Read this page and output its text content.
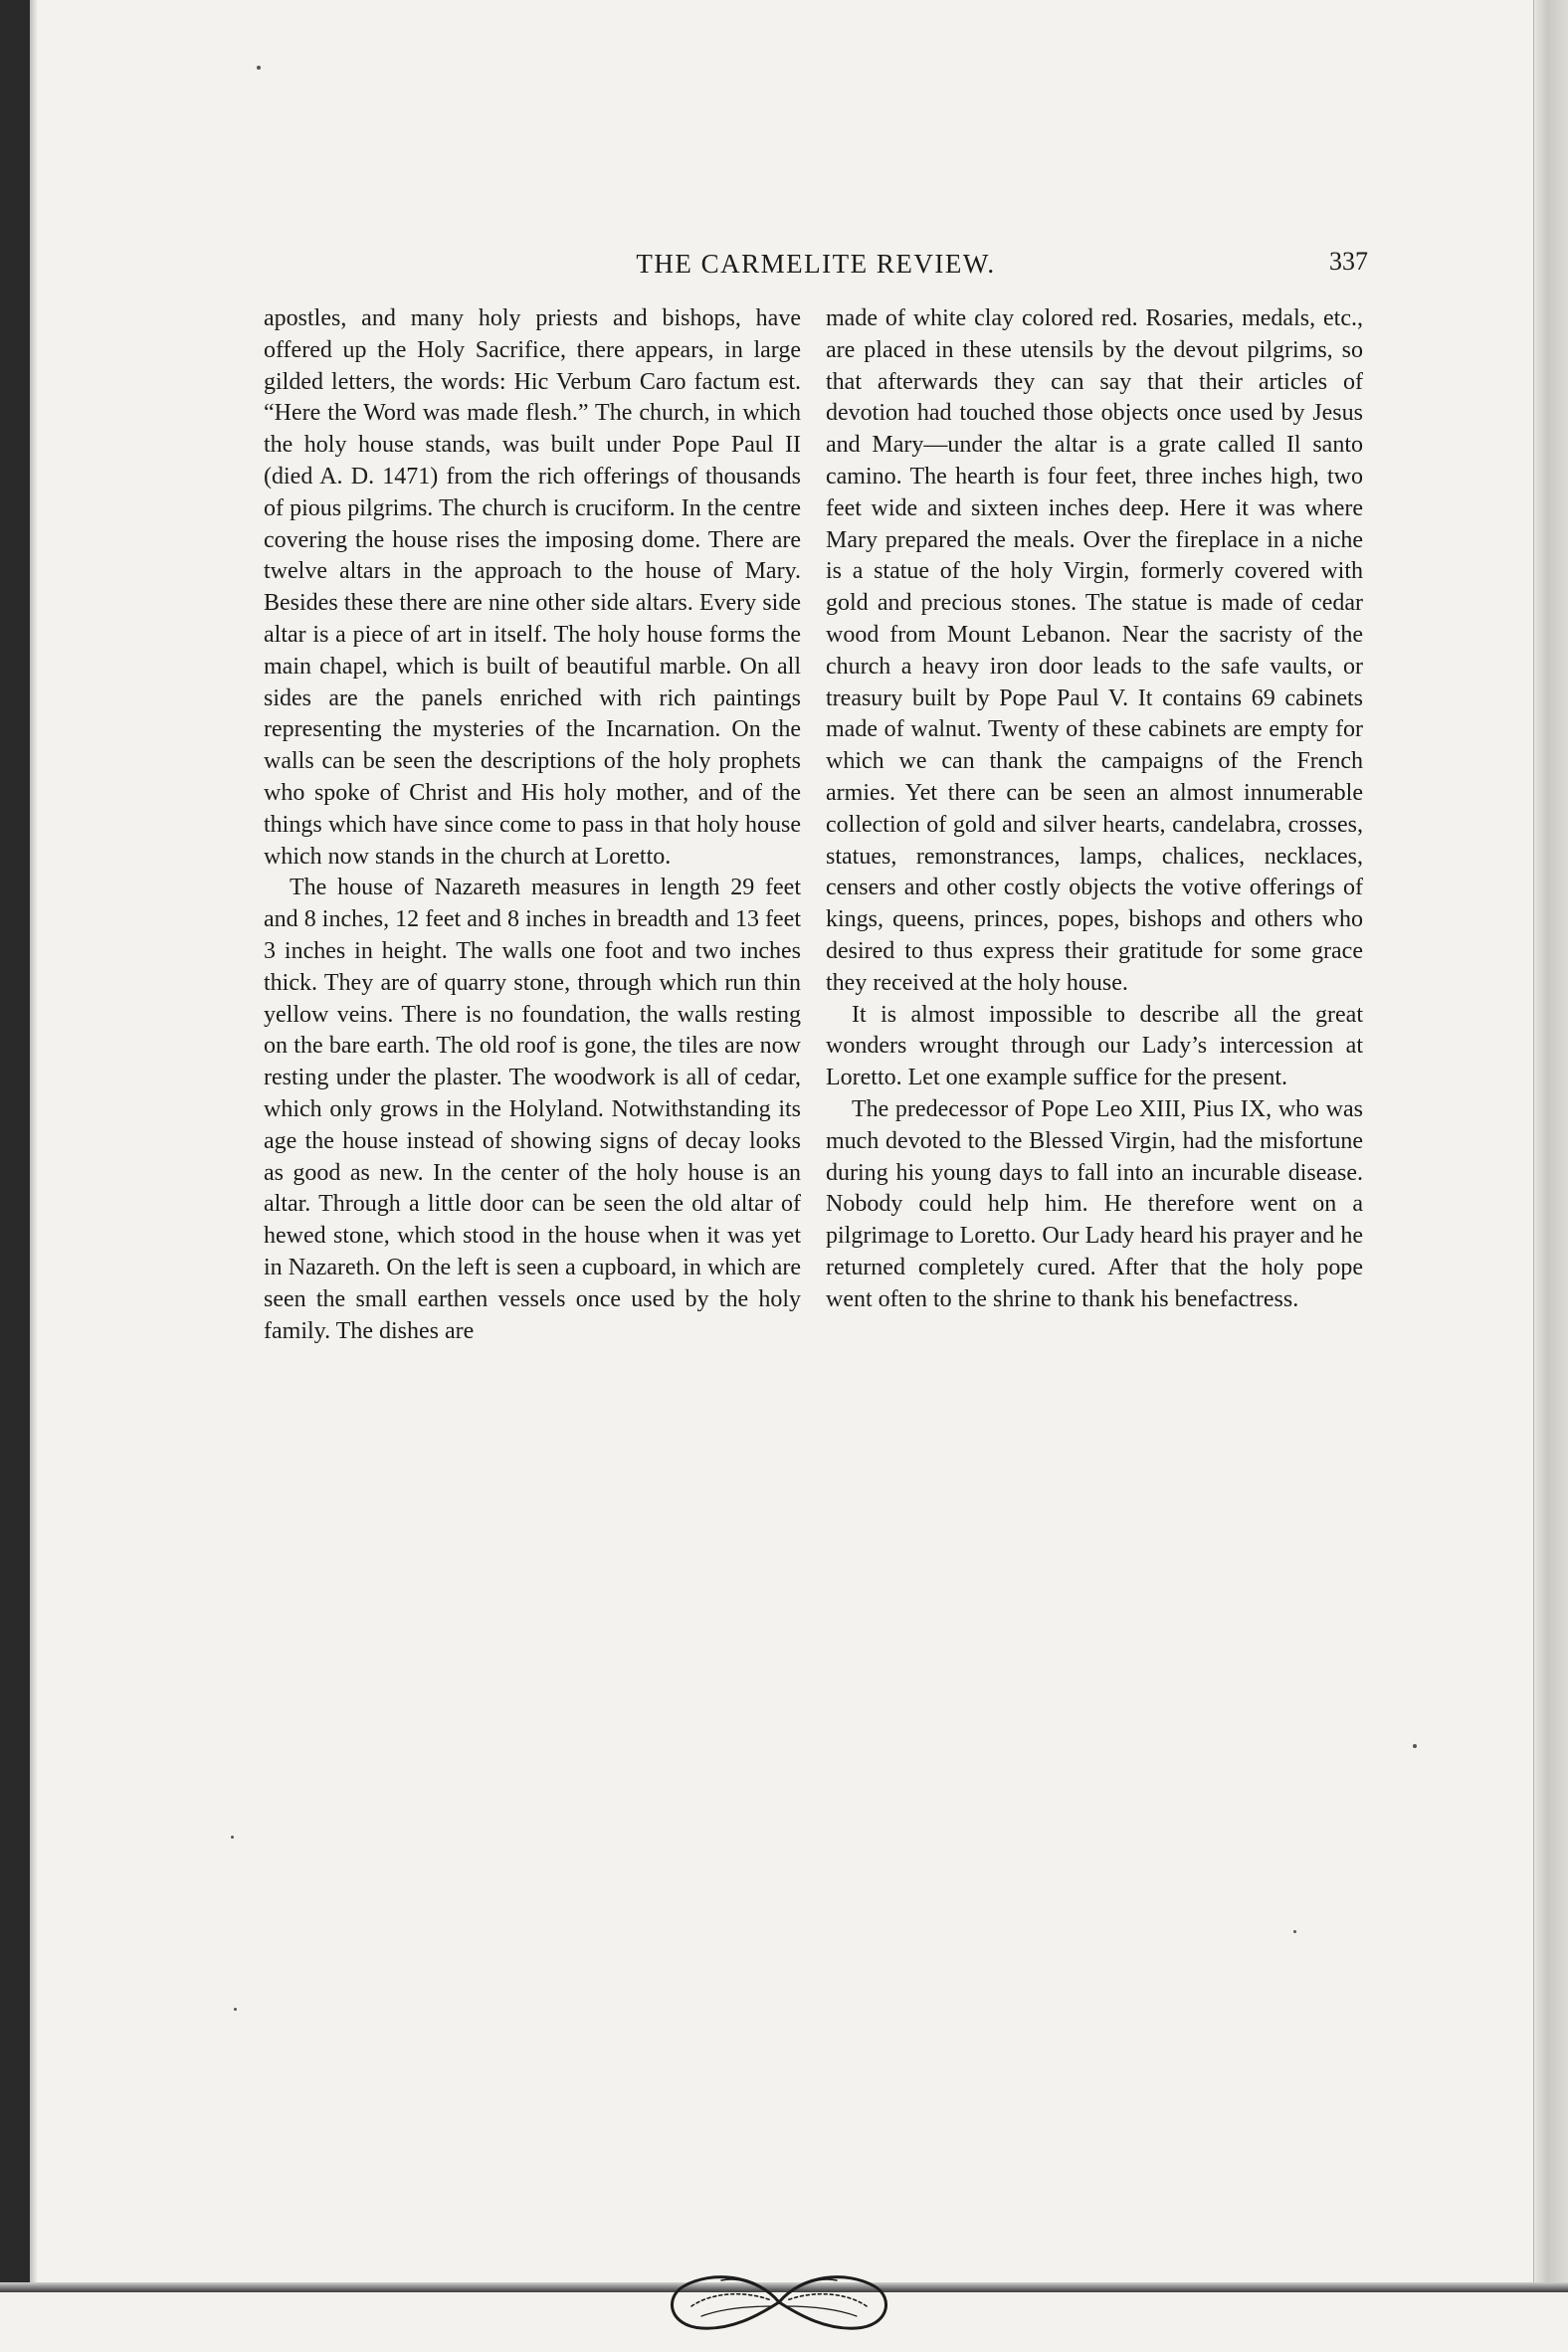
THE CARMELITE REVIEW.	337

apostles, and many holy priests and bishops, have offered up the Holy Sacrifice, there appears, in large gilded letters, the words: Hic Verbum Caro factum est. “Here the Word was made flesh.” The church, in which the holy house stands, was built under Pope Paul II (died A. D. 1471) from the rich offerings of thousands of pious pilgrims. The church is cruciform. In the centre covering the house rises the imposing dome. There are twelve altars in the approach to the house of Mary. Besides these there are nine other side altars. Every side altar is a piece of art in itself. The holy house forms the main chapel, which is built of beautiful marble. On all sides are the panels enriched with rich paintings representing the mysteries of the Incarnation. On the walls can be seen the descriptions of the holy prophets who spoke of Christ and His holy mother, and of the things which have since come to pass in that holy house which now stands in the church at Loretto.

The house of Nazareth measures in length 29 feet and 8 inches, 12 feet and 8 inches in breadth and 13 feet 3 inches in height. The walls one foot and two inches thick. They are of quarry stone, through which run thin yellow veins. There is no foundation, the walls resting on the bare earth. The old roof is gone, the tiles are now resting under the plaster. The woodwork is all of cedar, which only grows in the Holyland. Notwithstanding its age the house instead of showing signs of decay looks as good as new. In the center of the holy house is an altar. Through a little door can be seen the old altar of hewed stone, which stood in the house when it was yet in Nazareth. On the left is seen a cupboard, in which are seen the small earthen vessels once used by the holy family. The dishes are

made of white clay colored red. Rosaries, medals, etc., are placed in these utensils by the devout pilgrims, so that afterwards they can say that their articles of devotion had touched those objects once used by Jesus and Mary—under the altar is a grate called Il santo camino. The hearth is four feet, three inches high, two feet wide and sixteen inches deep. Here it was where Mary prepared the meals. Over the fireplace in a niche is a statue of the holy Virgin, formerly covered with gold and precious stones. The statue is made of cedar wood from Mount Lebanon. Near the sacristy of the church a heavy iron door leads to the safe vaults, or treasury built by Pope Paul V. It contains 69 cabinets made of walnut. Twenty of these cabinets are empty for which we can thank the campaigns of the French armies. Yet there can be seen an almost innumerable collection of gold and silver hearts, candelabra, crosses, statues, remonstrances, lamps, chalices, necklaces, censers and other costly objects the votive offerings of kings, queens, princes, popes, bishops and others who desired to thus express their gratitude for some grace they received at the holy house.

It is almost impossible to describe all the great wonders wrought through our Lady’s intercession at Loretto. Let one example suffice for the present.

The predecessor of Pope Leo XIII, Pius IX, who was much devoted to the Blessed Virgin, had the misfortune during his young days to fall into an incurable disease. Nobody could help him. He therefore went on a pilgrimage to Loretto. Our Lady heard his prayer and he returned completely cured. After that the holy pope went often to the shrine to thank his benefactress.
